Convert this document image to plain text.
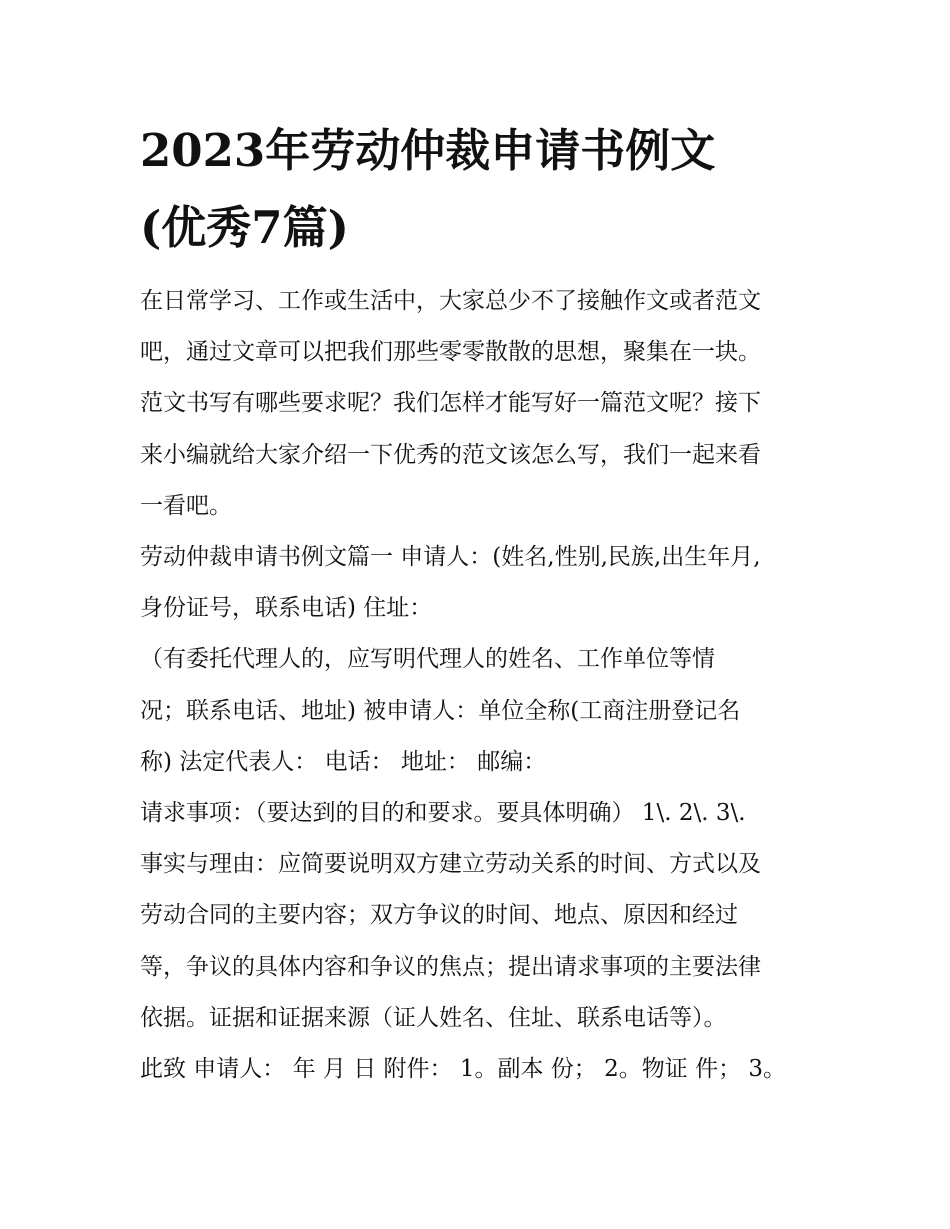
2023年劳动仲裁申请书例文
(优秀7篇)

在日常学习、工作或生活中，大家总少不了接触作文或者范文
吧，通过文章可以把我们那些零零散散的思想，聚集在一块。
范文书写有哪些要求呢？我们怎样才能写好一篇范文呢？接下
来小编就给大家介绍一下优秀的范文该怎么写，我们一起来看
一看吧。

劳动仲裁申请书例文篇一 申请人：(姓名,性别,民族,出生年月,
身份证号，联系电话) 住址：

（有委托代理人的，应写明代理人的姓名、工作单位等情
况；联系电话、地址) 被申请人：单位全称(工商注册登记名
称) 法定代表人： 电话： 地址： 邮编：

请求事项：（要达到的目的和要求。要具体明确） 1\. 2\. 3\.

事实与理由：应简要说明双方建立劳动关系的时间、方式以及
劳动合同的主要内容；双方争议的时间、地点、原因和经过
等，争议的具体内容和争议的焦点；提出请求事项的主要法律
依据。证据和证据来源（证人姓名、住址、联系电话等）。

此致 申请人： 年 月 日 附件： 1。副本 份； 2。物证 件； 3。
